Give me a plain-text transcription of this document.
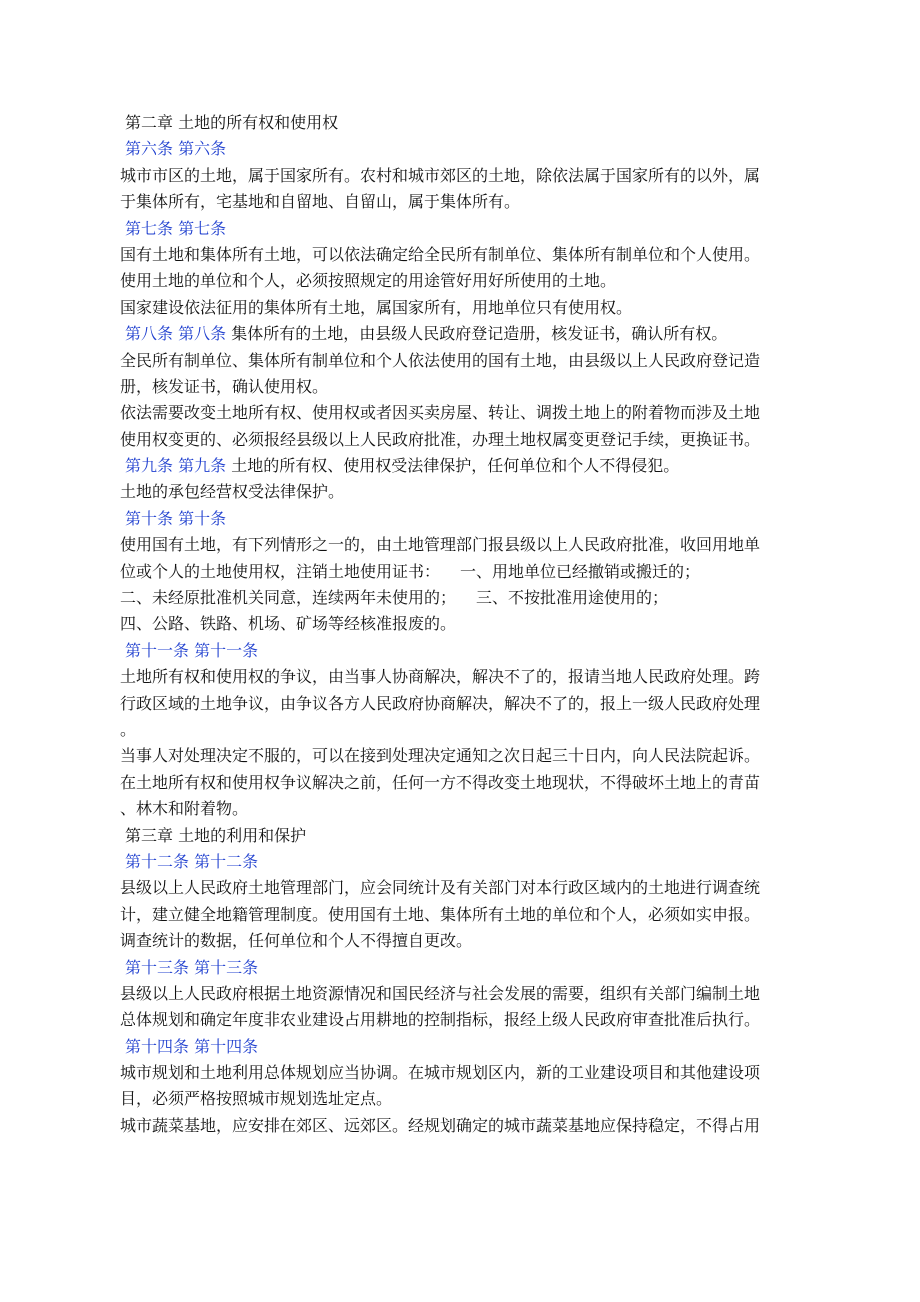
第二章 土地的所有权和使用权
第六条 第六条
城市市区的土地，属于国家所有。农村和城市郊区的土地，除依法属于国家所有的以外，属
于集体所有，宅基地和自留地、自留山，属于集体所有。
第七条 第七条
国有土地和集体所有土地，可以依法确定给全民所有制单位、集体所有制单位和个人使用。
使用土地的单位和个人，必须按照规定的用途管好用好所使用的土地。
国家建设依法征用的集体所有土地，属国家所有，用地单位只有使用权。
第八条 第八条 集体所有的土地，由县级人民政府登记造册，核发证书，确认所有权。
全民所有制单位、集体所有制单位和个人依法使用的国有土地，由县级以上人民政府登记造
册，核发证书，确认使用权。
依法需要改变土地所有权、使用权或者因买卖房屋、转让、调拨土地上的附着物而涉及土地
使用权变更的、必须报经县级以上人民政府批准，办理土地权属变更登记手续，更换证书。
第九条 第九条 土地的所有权、使用权受法律保护，任何单位和个人不得侵犯。
土地的承包经营权受法律保护。
第十条 第十条
使用国有土地，有下列情形之一的，由土地管理部门报县级以上人民政府批准，收回用地单
位或个人的土地使用权，注销土地使用证书： 一、用地单位已经撤销或搬迁的；
二、未经原批准机关同意，连续两年未使用的； 三、不按批准用途使用的；
四、公路、铁路、机场、矿场等经核准报废的。
第十一条 第十一条
土地所有权和使用权的争议，由当事人协商解决，解决不了的，报请当地人民政府处理。跨
行政区域的土地争议，由争议各方人民政府协商解决，解决不了的，报上一级人民政府处理
。
当事人对处理决定不服的，可以在接到处理决定通知之次日起三十日内，向人民法院起诉。
在土地所有权和使用权争议解决之前，任何一方不得改变土地现状，不得破坏土地上的青苗
、林木和附着物。
第三章 土地的利用和保护
第十二条 第十二条
县级以上人民政府土地管理部门，应会同统计及有关部门对本行政区域内的土地进行调查统
计，建立健全地籍管理制度。使用国有土地、集体所有土地的单位和个人，必须如实申报。
调查统计的数据，任何单位和个人不得擅自更改。
第十三条 第十三条
县级以上人民政府根据土地资源情况和国民经济与社会发展的需要，组织有关部门编制土地
总体规划和确定年度非农业建设占用耕地的控制指标，报经上级人民政府审查批准后执行。
第十四条 第十四条
城市规划和土地利用总体规划应当协调。在城市规划区内，新的工业建设项目和其他建设项
目，必须严格按照城市规划选址定点。
城市蔬菜基地，应安排在郊区、远郊区。经规划确定的城市蔬菜基地应保持稳定，不得占用
